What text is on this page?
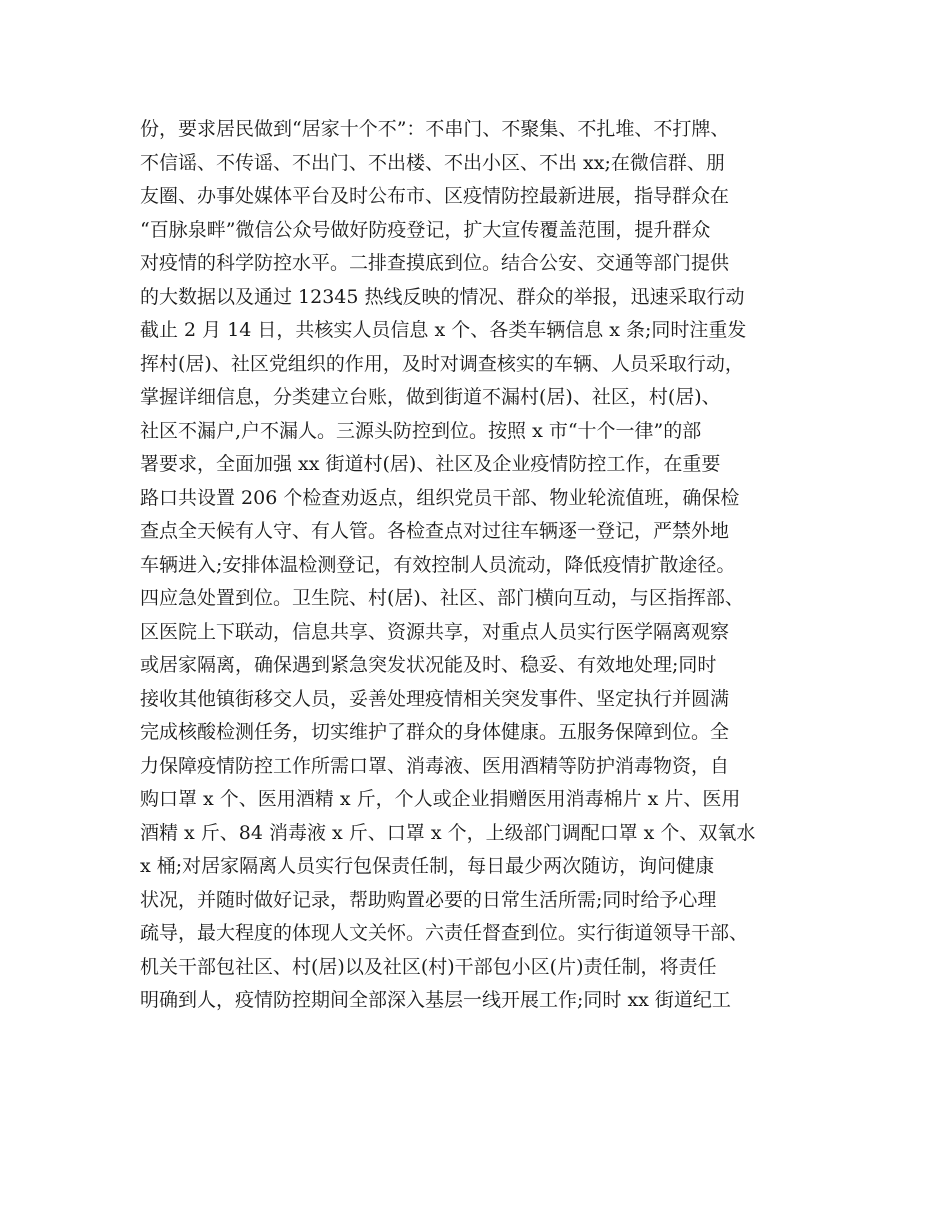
份，要求居民做到“居家十个不”：不串门、不聚集、不扎堆、不打牌、
不信谣、不传谣、不出门、不出楼、不出小区、不出 xx;在微信群、朋
友圈、办事处媒体平台及时公布市、区疫情防控最新进展，指导群众在
“百脉泉畔”微信公众号做好防疫登记，扩大宣传覆盖范围，提升群众
对疫情的科学防控水平。二排查摸底到位。结合公安、交通等部门提供
的大数据以及通过 12345 热线反映的情况、群众的举报，迅速采取行动
截止 2 月 14 日，共核实人员信息 x 个、各类车辆信息 x 条;同时注重发
挥村(居)、社区党组织的作用，及时对调查核实的车辆、人员采取行动，
掌握详细信息，分类建立台账，做到街道不漏村(居)、社区，村(居)、
社区不漏户,户不漏人。三源头防控到位。按照 x 市“十个一律”的部
署要求，全面加强 xx 街道村(居)、社区及企业疫情防控工作，在重要
路口共设置 206 个检查劝返点，组织党员干部、物业轮流值班，确保检
查点全天候有人守、有人管。各检查点对过往车辆逐一登记，严禁外地
车辆进入;安排体温检测登记，有效控制人员流动，降低疫情扩散途径。
四应急处置到位。卫生院、村(居)、社区、部门横向互动，与区指挥部、
区医院上下联动，信息共享、资源共享，对重点人员实行医学隔离观察
或居家隔离，确保遇到紧急突发状况能及时、稳妥、有效地处理;同时
接收其他镇街移交人员，妥善处理疫情相关突发事件、坚定执行并圆满
完成核酸检测任务，切实维护了群众的身体健康。五服务保障到位。全
力保障疫情防控工作所需口罩、消毒液、医用酒精等防护消毒物资，自
购口罩 x 个、医用酒精 x 斤，个人或企业捐赠医用消毒棉片 x 片、医用
酒精 x 斤、84 消毒液 x 斤、口罩 x 个，上级部门调配口罩 x 个、双氧水
x 桶;对居家隔离人员实行包保责任制，每日最少两次随访，询问健康
状况，并随时做好记录，帮助购置必要的日常生活所需;同时给予心理
疏导，最大程度的体现人文关怀。六责任督查到位。实行街道领导干部、
机关干部包社区、村(居)以及社区(村)干部包小区(片)责任制，将责任
明确到人，疫情防控期间全部深入基层一线开展工作;同时 xx 街道纪工
